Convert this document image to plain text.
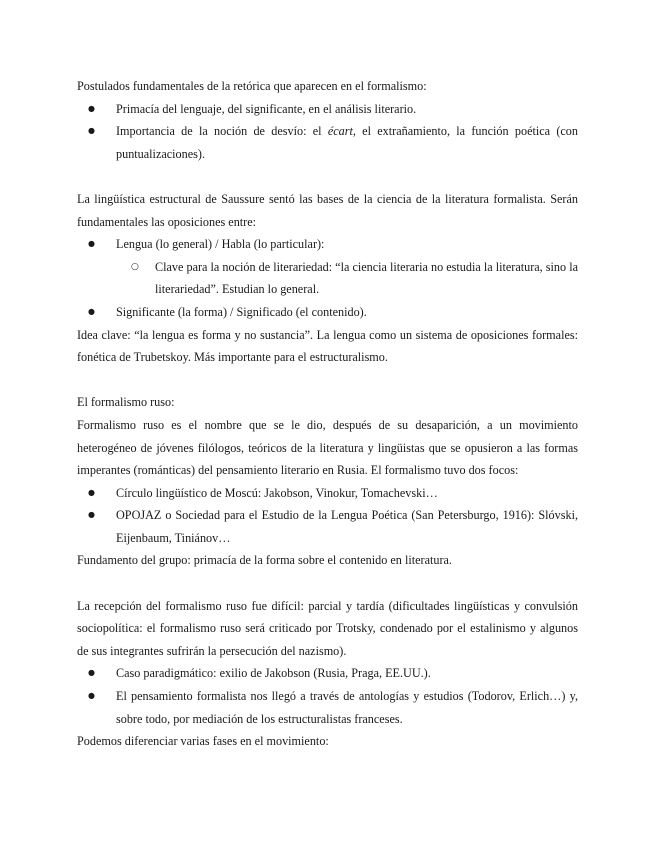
Postulados fundamentales de la retórica que aparecen en el formalismo:

● Primacía del lenguaje, del significante, en el análisis literario.
● Importancia de la noción de desvío: el écart, el extrañamiento, la función poética (con puntualizaciones).

La lingüística estructural de Saussure sentó las bases de la ciencia de la literatura formalista. Serán fundamentales las oposiciones entre:

● Lengua (lo general) / Habla (lo particular):
○ Clave para la noción de literariedad: “la ciencia literaria no estudia la literatura, sino la literariedad”. Estudian lo general.
● Significante (la forma) / Significado (el contenido).

Idea clave: “la lengua es forma y no sustancia”. La lengua como un sistema de oposiciones formales: fonética de Trubetskoy. Más importante para el estructuralismo.

El formalismo ruso:

Formalismo ruso es el nombre que se le dio, después de su desaparición, a un movimiento heterogéneo de jóvenes filólogos, teóricos de la literatura y lingüistas que se opusieron a las formas imperantes (románticas) del pensamiento literario en Rusia. El formalismo tuvo dos focos:

● Círculo lingüístico de Moscú: Jakobson, Vinokur, Tomachevski…
● OPOJAZ o Sociedad para el Estudio de la Lengua Poética (San Petersburgo, 1916): Slóvski, Eijenbaum, Tiniánov…

Fundamento del grupo: primacía de la forma sobre el contenido en literatura.

La recepción del formalismo ruso fue difícil: parcial y tardía (dificultades lingüísticas y convulsión sociopolítica: el formalismo ruso será criticado por Trotsky, condenado por el estalinismo y algunos de sus integrantes sufrirán la persecución del nazismo).

● Caso paradigmático: exilio de Jakobson (Rusia, Praga, EE.UU.).
● El pensamiento formalista nos llegó a través de antologías y estudios (Todorov, Erlich…) y, sobre todo, por mediación de los estructuralistas franceses.

Podemos diferenciar varias fases en el movimiento:
